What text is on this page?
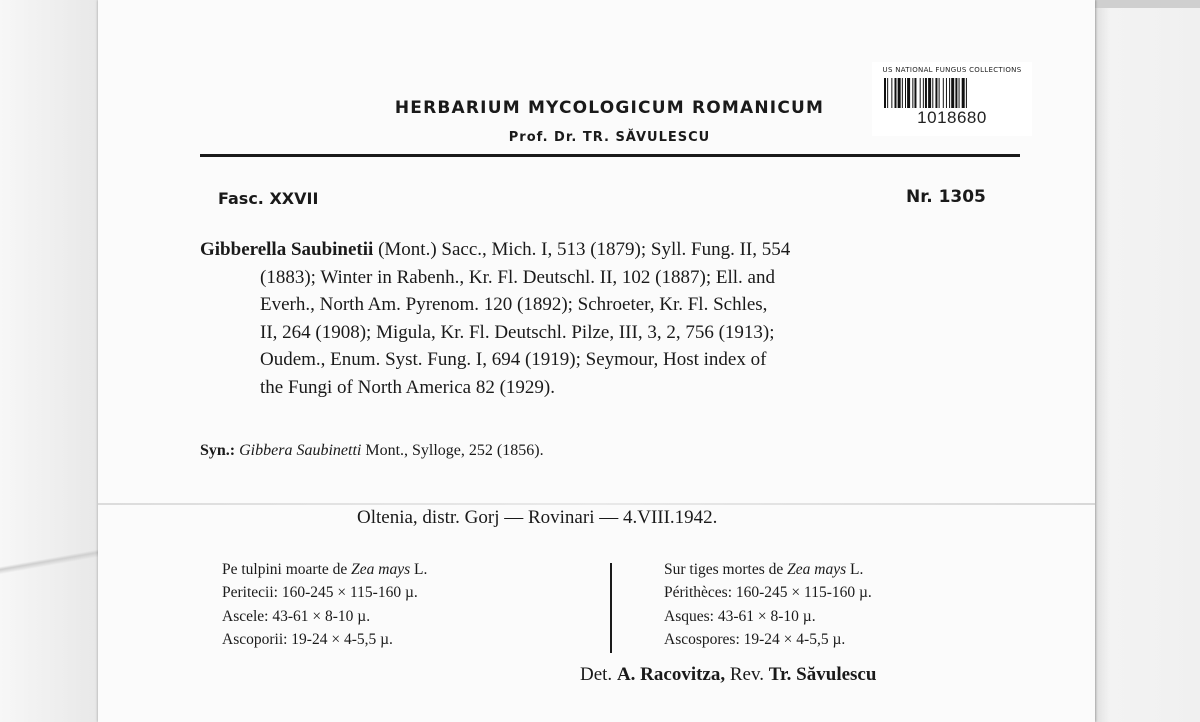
HERBARIUM MYCOLOGICUM ROMANICUM
Prof. Dr. TR. SĂVULESCU
US NATIONAL FUNGUS COLLECTIONS
1018680
Fasc. XXVII	Nr. 1305
Gibberella Saubinetii (Mont.) Sacc., Mich. I, 513 (1879); Syll. Fung. II, 554
(1883); Winter in Rabenh., Kr. Fl. Deutschl. II, 102 (1887); Ell. and
Everh., North Am. Pyrenom. 120 (1892); Schroeter, Kr. Fl. Schles,
II, 264 (1908); Migula, Kr. Fl. Deutschl. Pilze, III, 3, 2, 756 (1913);
Oudem., Enum. Syst. Fung. I, 694 (1919); Seymour, Host index of
the Fungi of North America 82 (1929).
Syn.: Gibbera Saubinetti Mont., Sylloge, 252 (1856).
Oltenia, distr. Gorj — Rovinari — 4.VIII.1942.
Pe tulpini moarte de Zea mays L.
Peritecii: 160-245 × 115-160 µ.
Ascele: 43-61 × 8-10 µ.
Ascoporii: 19-24 × 4-5,5 µ.
Sur tiges mortes de Zea mays L.
Périthèces: 160-245 × 115-160 µ.
Asques: 43-61 × 8-10 µ.
Ascospores: 19-24 × 4-5,5 µ.
Det. A. Racovitza, Rev. Tr. Săvulescu
